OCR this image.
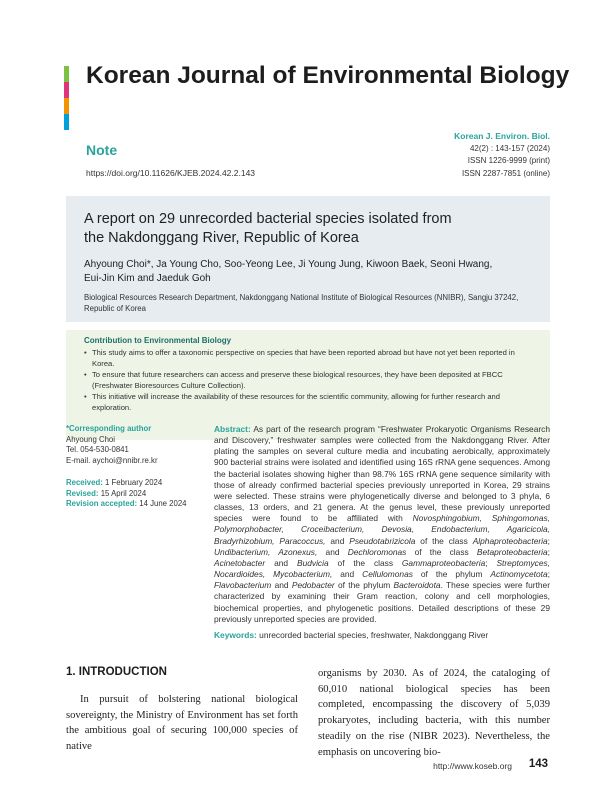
Korean Journal of Environmental Biology
Note
https://doi.org/10.11626/KJEB.2024.42.2.143
Korean J. Environ. Biol.
42(2) : 143-157 (2024)
ISSN 1226-9999 (print)
ISSN 2287-7851 (online)
A report on 29 unrecorded bacterial species isolated from
the Nakdonggang River, Republic of Korea
Ahyoung Choi*, Ja Young Cho, Soo-Yeong Lee, Ji Young Jung, Kiwoon Baek, Seoni Hwang,
Eui-Jin Kim and Jaeduk Goh
Biological Resources Research Department, Nakdonggang National Institute of Biological Resources (NNIBR), Sangju 37242, Republic of Korea
Contribution to Environmental Biology
• This study aims to offer a taxonomic perspective on species that have been reported abroad but have not yet been reported in Korea.
• To ensure that future researchers can access and preserve these biological resources, they have been deposited at FBCC (Freshwater Bioresources Culture Collection).
• This initiative will increase the availability of these resources for the scientific community, allowing for further research and exploration.
*Corresponding author
Ahyoung Choi
Tel. 054-530-0841
E-mail. aychoi@nnibr.re.kr
Received: 1 February 2024
Revised: 15 April 2024
Revision accepted: 14 June 2024
Abstract: As part of the research program “Freshwater Prokaryotic Organisms Research and Discovery,” freshwater samples were collected from the Nakdonggang River. After plating the samples on several culture media and incubating aerobically, approximately 900 bacterial strains were isolated and identified using 16S rRNA gene sequences. Among the bacterial isolates showing higher than 98.7% 16S rRNA gene sequence similarity with those of already confirmed bacterial species previously unreported in Korea, 29 strains were selected. These strains were phylogenetically diverse and belonged to 3 phyla, 6 classes, 13 orders, and 21 genera. At the genus level, these previously unreported species were found to be affiliated with Novosphingobium, Sphingomonas, Polymorphobacter, Croceibacterium, Devosia, Endobacterium, Agaricicola, Bradyrhizobium, Paracoccus, and Pseudotabrizicola of the class Alphaproteobacteria; Undibacterium, Azonexus, and Dechloromonas of the class Betaproteobacteria; Acinetobacter and Budvicia of the class Gammaproteobacteria; Streptomyces, Nocardioides, Mycobacterium, and Cellulomonas of the phylum Actinomycetota; Flavobacterium and Pedobacter of the phylum Bacteroidota. These species were further characterized by examining their Gram reaction, colony and cell morphologies, biochemical properties, and phylogenetic positions. Detailed descriptions of these 29 previously unreported species are provided.
Keywords: unrecorded bacterial species, freshwater, Nakdonggang River
1. INTRODUCTION
In pursuit of bolstering national biological sovereignty, the Ministry of Environment has set forth the ambitious goal of securing 100,000 species of native
organisms by 2030. As of 2024, the cataloging of 60,010 national biological species has been completed, encompassing the discovery of 5,039 prokaryotes, including bacteria, with this number steadily on the rise (NIBR 2023). Nevertheless, the emphasis on uncovering bio-
http://www.koseb.org 143
